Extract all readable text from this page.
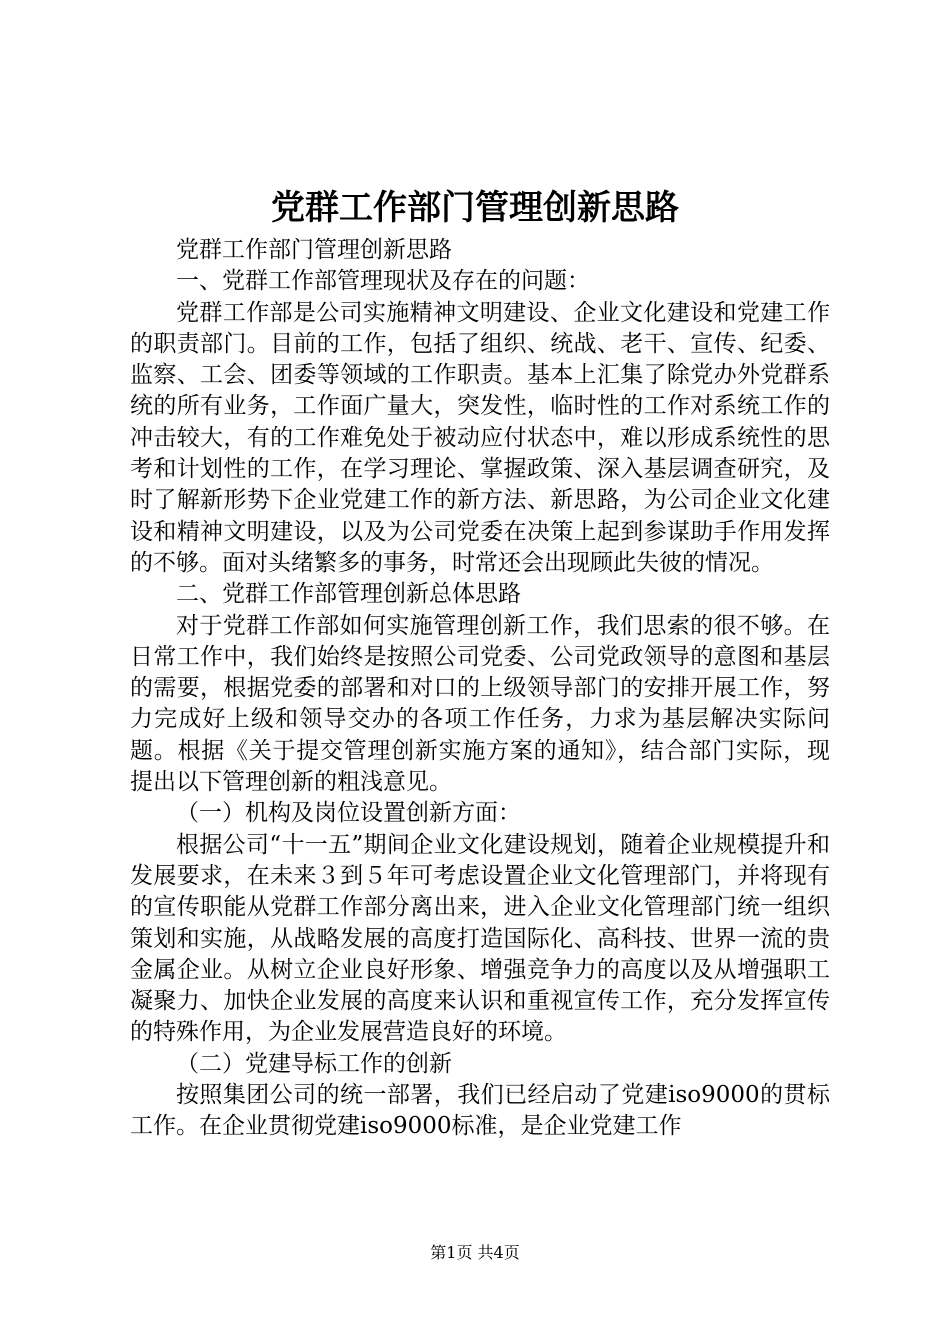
党群工作部门管理创新思路

党群工作部门管理创新思路

一、党群工作部管理现状及存在的问题：

党群工作部是公司实施精神文明建设、企业文化建设和党建工作的职责部门。目前的工作，包括了组织、统战、老干、宣传、纪委、监察、工会、团委等领域的工作职责。基本上汇集了除党办外党群系统的所有业务，工作面广量大，突发性，临时性的工作对系统工作的冲击较大，有的工作难免处于被动应付状态中，难以形成系统性的思考和计划性的工作，在学习理论、掌握政策、深入基层调查研究，及时了解新形势下企业党建工作的新方法、新思路，为公司企业文化建设和精神文明建设，以及为公司党委在决策上起到参谋助手作用发挥的不够。面对头绪繁多的事务，时常还会出现顾此失彼的情况。

二、党群工作部管理创新总体思路

对于党群工作部如何实施管理创新工作，我们思索的很不够。在日常工作中，我们始终是按照公司党委、公司党政领导的意图和基层的需要，根据党委的部署和对口的上级领导部门的安排开展工作，努力完成好上级和领导交办的各项工作任务，力求为基层解决实际问题。根据《关于提交管理创新实施方案的通知》，结合部门实际，现提出以下管理创新的粗浅意见。

（一）机构及岗位设置创新方面：

根据公司“十一五”期间企业文化建设规划，随着企业规模提升和发展要求，在未来３到５年可考虑设置企业文化管理部门，并将现有的宣传职能从党群工作部分离出来，进入企业文化管理部门统一组织策划和实施，从战略发展的高度打造国际化、高科技、世界一流的贵金属企业。从树立企业良好形象、增强竞争力的高度以及从增强职工凝聚力、加快企业发展的高度来认识和重视宣传工作，充分发挥宣传的特殊作用，为企业发展营造良好的环境。

（二）党建导标工作的创新

按照集团公司的统一部署，我们已经启动了党建iso9000的贯标工作。在企业贯彻党建iso9000标准，是企业党建工作

第1页 共4页
